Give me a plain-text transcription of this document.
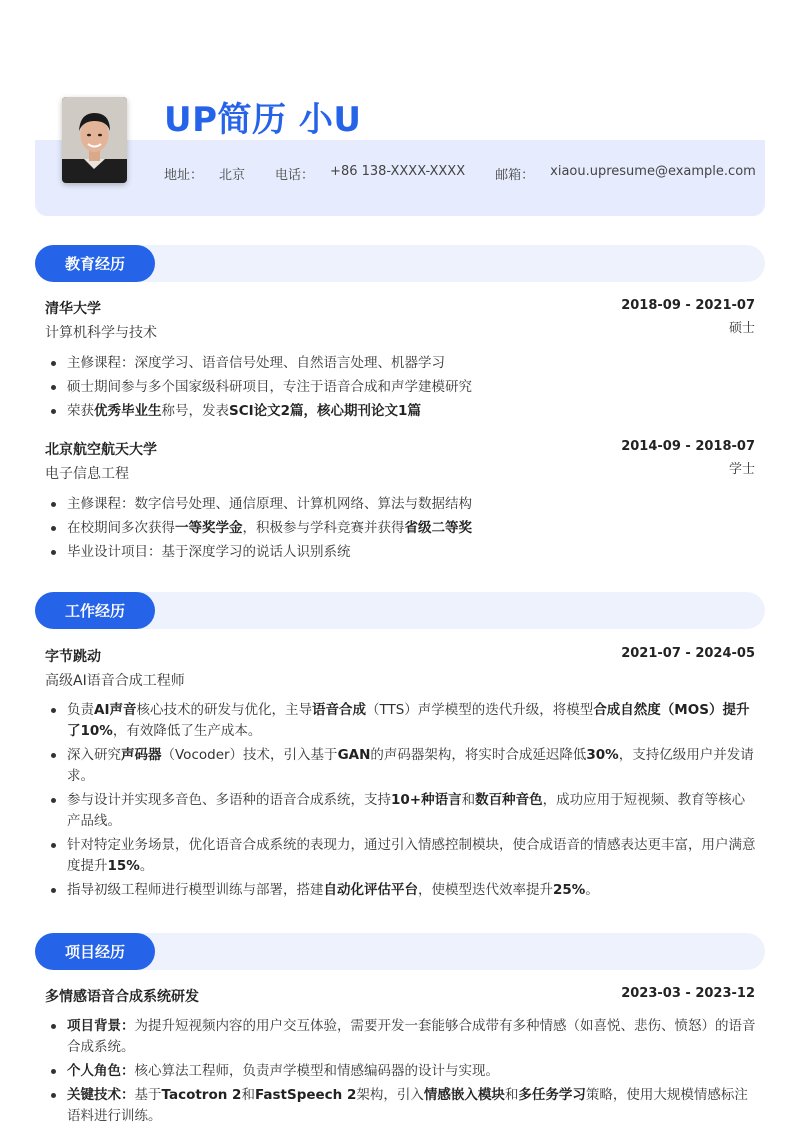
UP简历 小U
地址： 北京 电话： +86 138-XXXX-XXXX 邮箱： xiaou.upresume@example.com
教育经历
清华大学	2018-09 - 2021-07
计算机科学与技术	硕士
主修课程：深度学习、语音信号处理、自然语言处理、机器学习
硕士期间参与多个国家级科研项目，专注于语音合成和声学建模研究
荣获优秀毕业生称号，发表SCI论文2篇，核心期刊论文1篇
北京航空航天大学	2014-09 - 2018-07
电子信息工程	学士
主修课程：数字信号处理、通信原理、计算机网络、算法与数据结构
在校期间多次获得一等奖学金，积极参与学科竞赛并获得省级二等奖
毕业设计项目：基于深度学习的说话人识别系统
工作经历
字节跳动	2021-07 - 2024-05
高级AI语音合成工程师
负责AI声音核心技术的研发与优化，主导语音合成（TTS）声学模型的迭代升级，将模型合成自然度（MOS）提升了10%，有效降低了生产成本。
深入研究声码器（Vocoder）技术，引入基于GAN的声码器架构，将实时合成延迟降低30%，支持亿级用户并发请求。
参与设计并实现多音色、多语种的语音合成系统，支持10+种语言和数百种音色，成功应用于短视频、教育等核心产品线。
针对特定业务场景，优化语音合成系统的表现力，通过引入情感控制模块，使合成语音的情感表达更丰富，用户满意度提升15%。
指导初级工程师进行模型训练与部署，搭建自动化评估平台，使模型迭代效率提升25%。
项目经历
多情感语音合成系统研发	2023-03 - 2023-12
项目背景：为提升短视频内容的用户交互体验，需要开发一套能够合成带有多种情感（如喜悦、悲伤、愤怒）的语音合成系统。
个人角色：核心算法工程师，负责声学模型和情感编码器的设计与实现。
关键技术：基于Tacotron 2和FastSpeech 2架构，引入情感嵌入模块和多任务学习策略，使用大规模情感标注语料进行训练。
